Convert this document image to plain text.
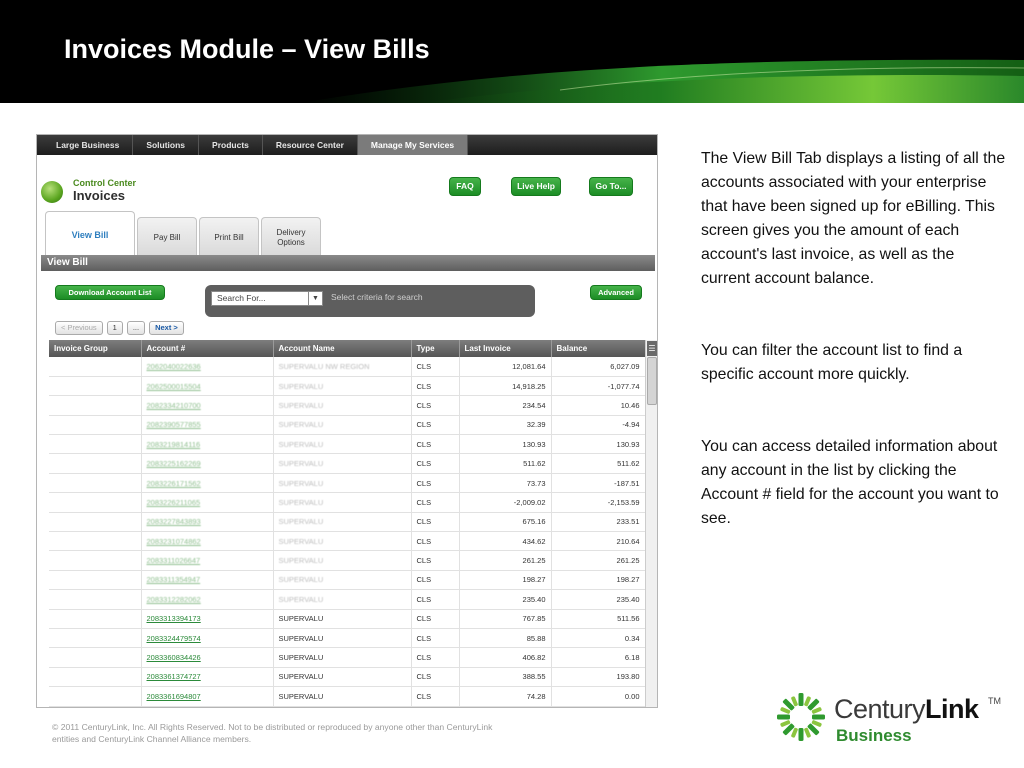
Invoices Module – View Bills
Large Business	Solutions	Products	Resource Center	Manage My Services
Control Center
Invoices
FAQ	Live Help	Go To...
View Bill	Pay Bill	Print Bill
Delivery Options
View Bill
Download Account List	Advanced
Search For...	▼	Select criteria for search
< Previous	1	...	Next >
Invoice Group	Account #	Account Name	Type	Last Invoice	Balance
	2062040022636	SUPERVALU NW REGION	CLS	12,081.64	6,027.09
	2062500015504	SUPERVALU	CLS	14,918.25	-1,077.74
	2082334210700	SUPERVALU	CLS	234.54	10.46
	2082390577855	SUPERVALU	CLS	32.39	-4.94
	2083219814116	SUPERVALU	CLS	130.93	130.93
	2083225162269	SUPERVALU	CLS	511.62	511.62
	2083226171562	SUPERVALU	CLS	73.73	-187.51
	2083226211065	SUPERVALU	CLS	-2,009.02	-2,153.59
	2083227843893	SUPERVALU	CLS	675.16	233.51
	2083231074862	SUPERVALU	CLS	434.62	210.64
	2083311026647	SUPERVALU	CLS	261.25	261.25
	2083311354947	SUPERVALU	CLS	198.27	198.27
	2083312282062	SUPERVALU	CLS	235.40	235.40
	2083313394173	SUPERVALU	CLS	767.85	511.56
	2083324479574	SUPERVALU	CLS	85.88	0.34
	2083360834426	SUPERVALU	CLS	406.82	6.18
	2083361374727	SUPERVALU	CLS	388.55	193.80
	2083361694807	SUPERVALU	CLS	74.28	0.00
☰

The View Bill Tab displays a listing of all the accounts associated with your enterprise that have been signed up for eBilling. This screen gives you the amount of each account's last invoice, as well as the current account balance.

You can filter the account list to find a specific account more quickly.

You can access detailed information about any account in the list by clicking the Account # field for the account you want to see.

© 2011 CenturyLink, Inc. All Rights Reserved. Not to be distributed or reproduced by anyone other than CenturyLink entities and CenturyLink Channel Alliance members.
CenturyLink TM
Business
